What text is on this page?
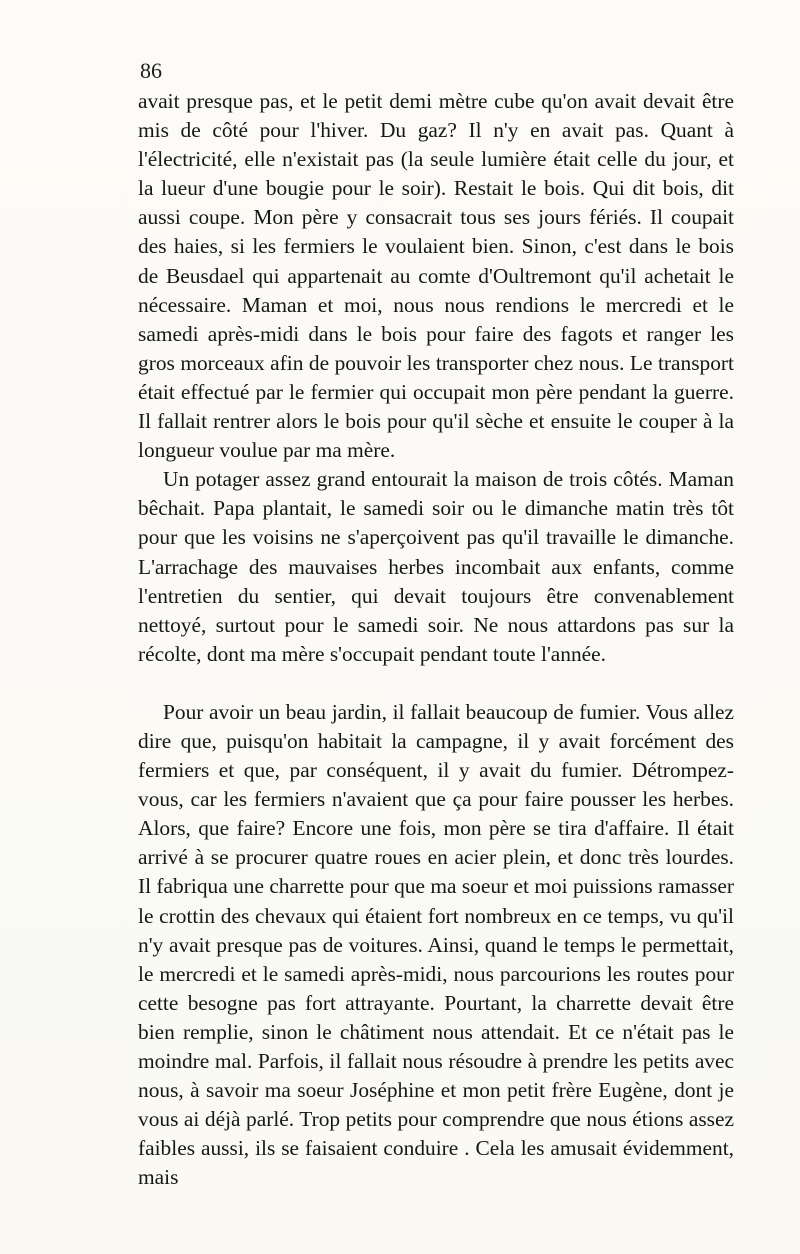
86

avait presque pas, et le petit demi mètre cube qu'on avait devait être mis de côté pour l'hiver. Du gaz? Il n'y en avait pas. Quant à l'électricité, elle n'existait pas (la seule lumière était celle du jour, et la lueur d'une bougie pour le soir). Restait le bois. Qui dit bois, dit aussi coupe. Mon père y consacrait tous ses jours fériés. Il coupait des haies, si les fermiers le voulaient bien. Sinon, c'est dans le bois de Beusdael qui appartenait au comte d'Oultremont qu'il achetait le nécessaire. Maman et moi, nous nous rendions le mercredi et le samedi après-midi dans le bois pour faire des fagots et ranger les gros morceaux afin de pouvoir les transporter chez nous. Le transport était effectué par le fermier qui occupait mon père pendant la guerre. Il fallait rentrer alors le bois pour qu'il sèche et ensuite le couper à la longueur voulue par ma mère.

Un potager assez grand entourait la maison de trois côtés. Maman bêchait. Papa plantait, le samedi soir ou le dimanche matin très tôt pour que les voisins ne s'aperçoivent pas qu'il travaille le dimanche. L'arrachage des mauvaises herbes incombait aux enfants, comme l'entretien du sentier, qui devait toujours être convenablement nettoyé, surtout pour le samedi soir. Ne nous attardons pas sur la récolte, dont ma mère s'occupait pendant toute l'année.

Pour avoir un beau jardin, il fallait beaucoup de fumier. Vous allez dire que, puisqu'on habitait la campagne, il y avait forcément des fermiers et que, par conséquent, il y avait du fumier. Détrompez-vous, car les fermiers n'avaient que ça pour faire pousser les herbes. Alors, que faire? Encore une fois, mon père se tira d'affaire. Il était arrivé à se procurer quatre roues en acier plein, et donc très lourdes. Il fabriqua une charrette pour que ma soeur et moi puissions ramasser le crottin des chevaux qui étaient fort nombreux en ce temps, vu qu'il n'y avait presque pas de voitures. Ainsi, quand le temps le permettait, le mercredi et le samedi après-midi, nous parcourions les routes pour cette besogne pas fort attrayante. Pourtant, la charrette devait être bien remplie, sinon le châtiment nous attendait. Et ce n'était pas le moindre mal. Parfois, il fallait nous résoudre à prendre les petits avec nous, à savoir ma soeur Joséphine et mon petit frère Eugène, dont je vous ai déjà parlé. Trop petits pour comprendre que nous étions assez faibles aussi, ils se faisaient conduire . Cela les amusait évidemment, mais
